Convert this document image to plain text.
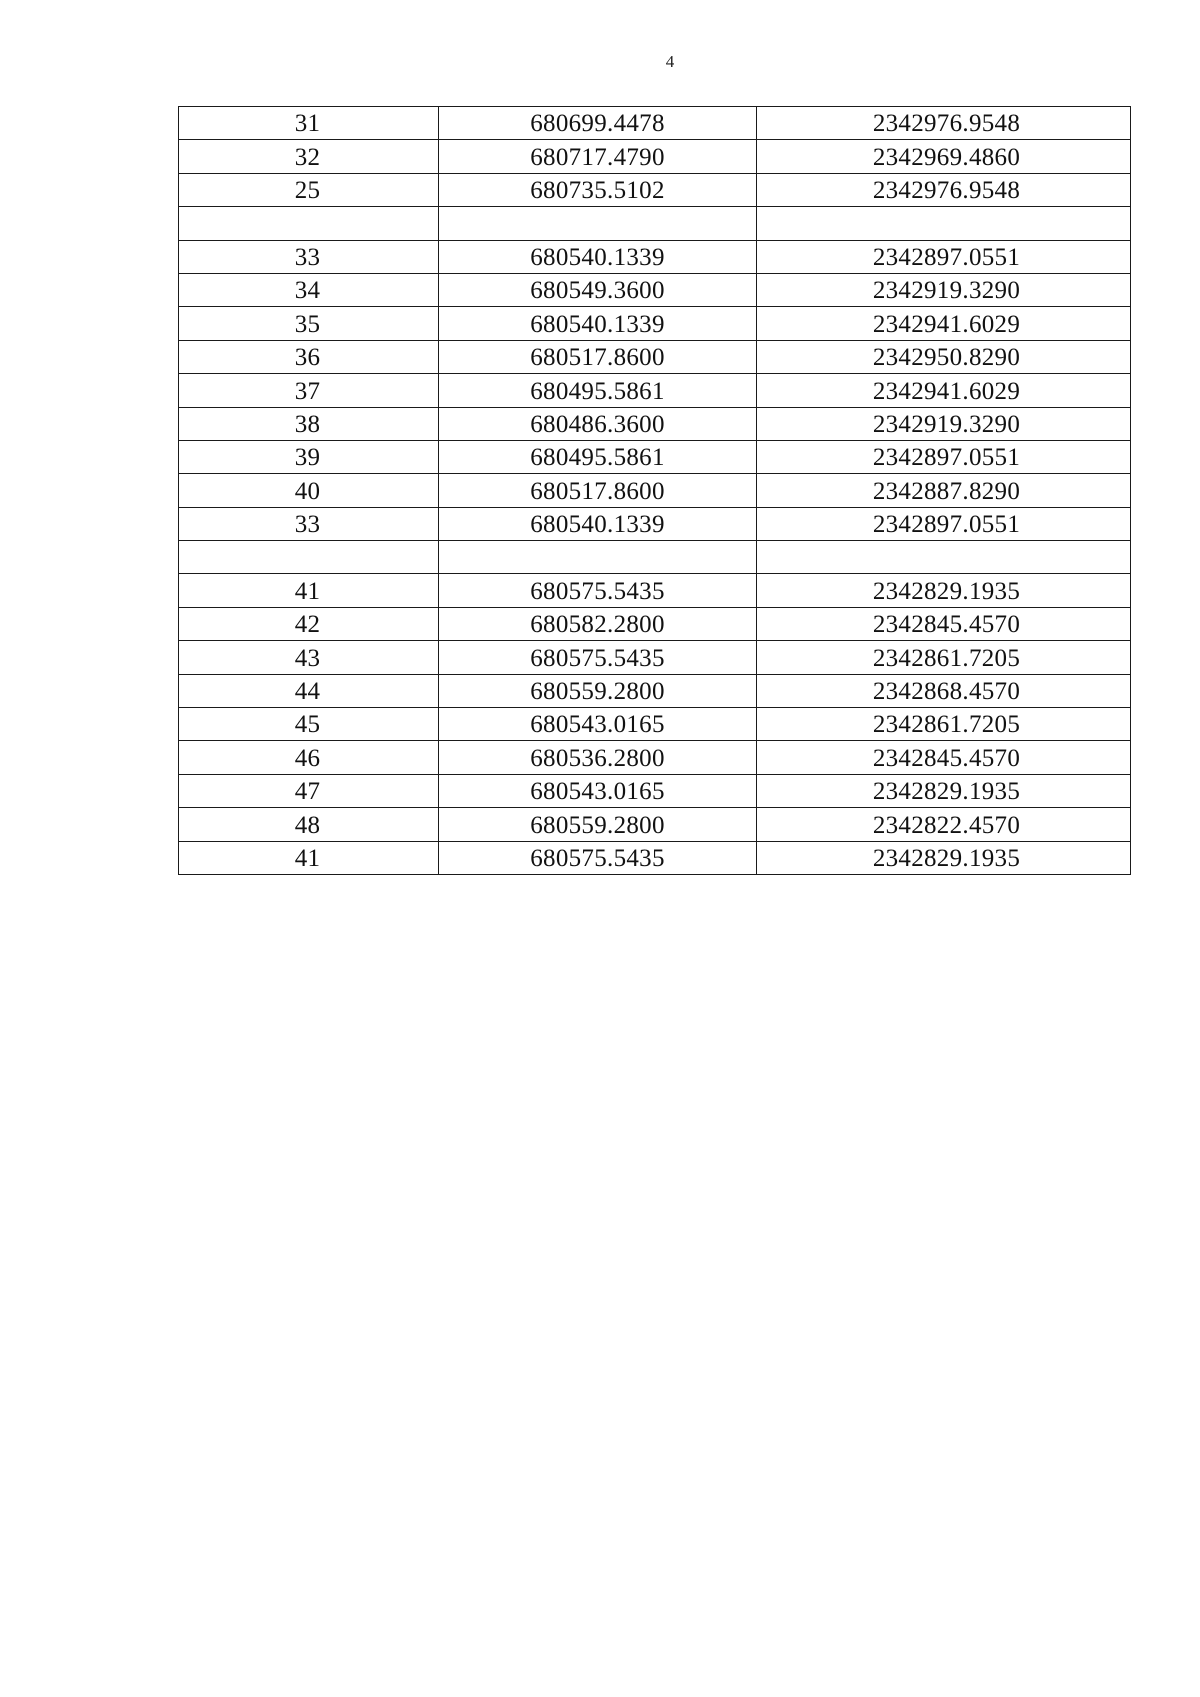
4
31	680699.4478	2342976.9548
32	680717.4790	2342969.4860
25	680735.5102	2342976.9548

33	680540.1339	2342897.0551
34	680549.3600	2342919.3290
35	680540.1339	2342941.6029
36	680517.8600	2342950.8290
37	680495.5861	2342941.6029
38	680486.3600	2342919.3290
39	680495.5861	2342897.0551
40	680517.8600	2342887.8290
33	680540.1339	2342897.0551

41	680575.5435	2342829.1935
42	680582.2800	2342845.4570
43	680575.5435	2342861.7205
44	680559.2800	2342868.4570
45	680543.0165	2342861.7205
46	680536.2800	2342845.4570
47	680543.0165	2342829.1935
48	680559.2800	2342822.4570
41	680575.5435	2342829.1935
